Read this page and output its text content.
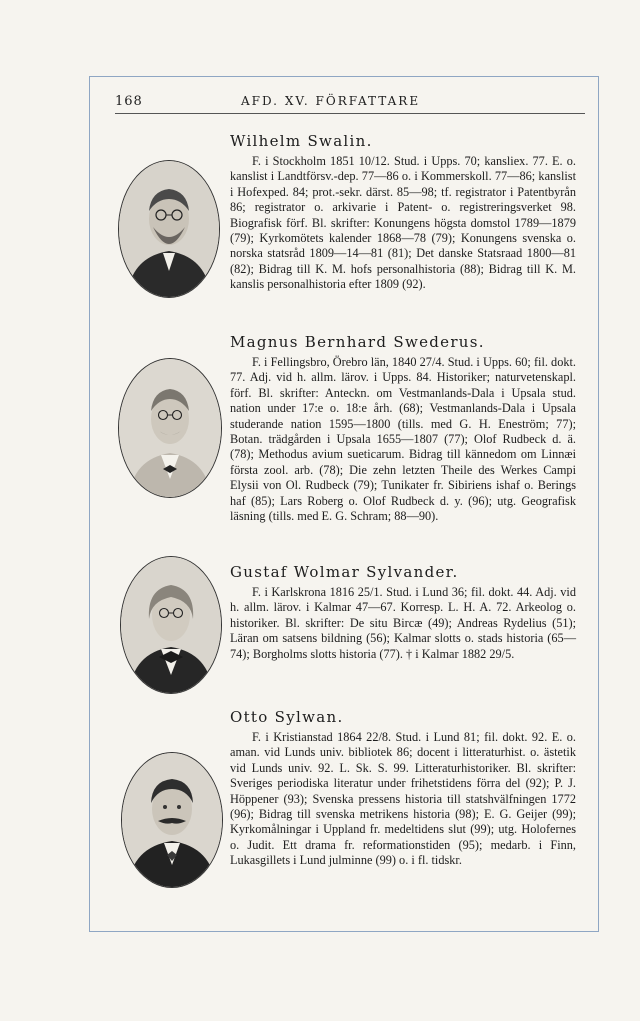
168	AFD. XV. FÖRFATTARE

Wilhelm Swalin.

F. i Stockholm 1851 10/12. Stud. i Upps. 70; kansliex. 77. E. o. kanslist i Landtförsv.-dep. 77—86 o. i Kommerskoll. 77—86; kanslist i Hofexped. 84; prot.-sekr. därst. 85—98; tf. registrator i Patentbyrån 86; registrator o. arkivarie i Patent- o. registreringsverket 98. Biografisk förf. Bl. skrifter: Konungens högsta domstol 1789—1879 (79); Kyrkomötets kalender 1868—78 (79); Konungens svenska o. norska statsråd 1809—14—81 (81); Det danske Statsraad 1800—81 (82); Bidrag till K. M. hofs personalhistoria (88); Bidrag till K. M. kanslis personalhistoria efter 1809 (92).

Magnus Bernhard Swederus.

F. i Fellingsbro, Örebro län, 1840 27/4. Stud. i Upps. 60; fil. dokt. 77. Adj. vid h. allm. lärov. i Upps. 84. Historiker; naturvetenskapl. förf. Bl. skrifter: Anteckn. om Vestmanlands-Dala i Upsala stud. nation under 17:e o. 18:e årh. (68); Vestmanlands-Dala i Upsala studerande nation 1595—1800 (tills. med G. H. Eneström; 77); Botan. trädgården i Upsala 1655—1807 (77); Olof Rudbeck d. ä. (78); Methodus avium sueticarum. Bidrag till kännedom om Linnæi första zool. arb. (78); Die zehn letzten Theile des Werkes Campi Elysii von Ol. Rudbeck (79); Tunikater fr. Sibiriens ishaf o. Berings haf (85); Lars Roberg o. Olof Rudbeck d. y. (96); utg. Geografisk läsning (tills. med E. G. Schram; 88—90).

Gustaf Wolmar Sylvander.

F. i Karlskrona 1816 25/1. Stud. i Lund 36; fil. dokt. 44. Adj. vid h. allm. lärov. i Kalmar 47—67. Korresp. L. H. A. 72. Arkeolog o. historiker. Bl. skrifter: De situ Bircæ (49); Andreas Rydelius (51); Läran om satsens bildning (56); Kalmar slotts o. stads historia (65—74); Borgholms slotts historia (77). † i Kalmar 1882 29/5.

Otto Sylwan.

F. i Kristianstad 1864 22/8. Stud. i Lund 81; fil. dokt. 92. E. o. aman. vid Lunds univ. bibliotek 86; docent i litteraturhist. o. ästetik vid Lunds univ. 92. L. Sk. S. 99. Litteraturhistoriker. Bl. skrifter: Sveriges periodiska literatur under frihetstidens förra del (92); P. J. Höppener (93); Svenska pressens historia till statshvälfningen 1772 (96); Bidrag till svenska metrikens historia (98); E. G. Geijer (99); Kyrkomålningar i Uppland fr. medeltidens slut (99); utg. Holofernes o. Judit. Ett drama fr. reformationstiden (95); medarb. i Finn, Lukasgillets i Lund julminne (99) o. i fl. tidskr.
